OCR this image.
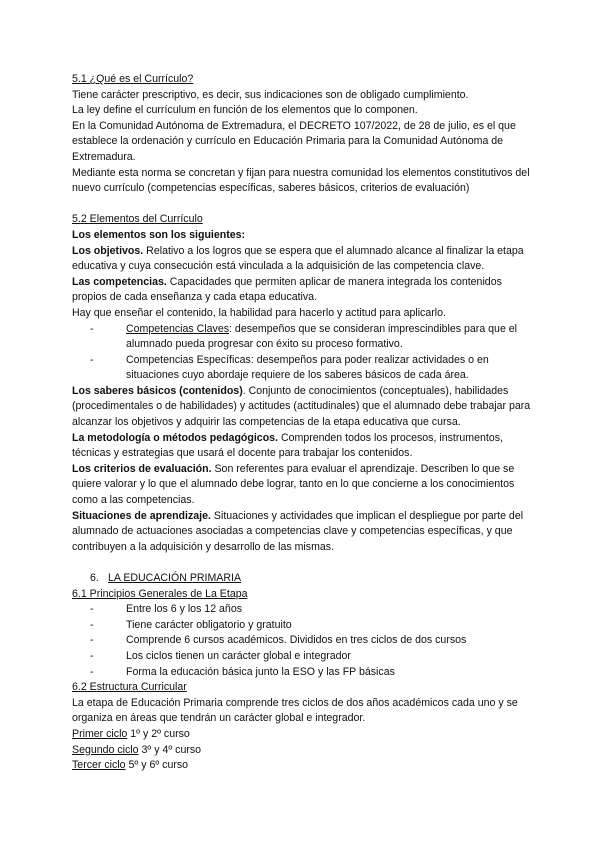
5.1 ¿Qué es el Currículo?

Tiene carácter prescriptivo, es decir, sus indicaciones son de obligado cumplimiento.

La ley define el currículum en función de los elementos que lo componen.

En la Comunidad Autónoma de Extremadura, el DECRETO 107/2022, de 28 de julio, es el que establece la ordenación y currículo en Educación Primaria para la Comunidad Autónoma de Extremadura.

Mediante esta norma se concretan y fijan para nuestra comunidad los elementos constitutivos del nuevo currículo (competencias específicas, saberes básicos, criterios de evaluación)

5.2 Elementos del Currículo

Los elementos son los siguientes:

Los objetivos. Relativo a los logros que se espera que el alumnado alcance al finalizar la etapa educativa y cuya consecución está vinculada a la adquisición de las competencia clave.

Las competencias. Capacidades que permiten aplicar de manera integrada los contenidos propios de cada enseñanza y cada etapa educativa.

Hay que enseñar el contenido, la habilidad para hacerlo y actitud para aplicarlo.

- Competencias Claves: desempeños que se consideran imprescindibles para que el alumnado pueda progresar con éxito su proceso formativo.
- Competencias Específicas: desempeños para poder realizar actividades o en situaciones cuyo abordaje requiere de los saberes básicos de cada área.

Los saberes básicos (contenidos). Conjunto de conocimientos (conceptuales), habilidades (procedimentales o de habilidades) y actitudes (actitudinales) que el alumnado debe trabajar para alcanzar los objetivos y adquirir las competencias de la etapa educativa que cursa.

La metodología o métodos pedagógicos. Comprenden todos los procesos, instrumentos, técnicas y estrategias que usará el docente para trabajar los contenidos.

Los criterios de evaluación. Son referentes para evaluar el aprendizaje. Describen lo que se quiere valorar y lo que el alumnado debe lograr, tanto en lo que concierne a los conocimientos como a las competencias.

Situaciones de aprendizaje. Situaciones y actividades que implican el despliegue por parte del alumnado de actuaciones asociadas a competencias clave y competencias específicas, y que contribuyen a la adquisición y desarrollo de las mismas.

6. LA EDUCACIÓN PRIMARIA

6.1 Principios Generales de La Etapa

- Entre los 6 y los 12 años
- Tiene carácter obligatorio y gratuito
- Comprende 6 cursos académicos. Divididos en tres ciclos de dos cursos
- Los ciclos tienen un carácter global e integrador
- Forma la educación básica junto la ESO y las FP básicas

6.2 Estructura Curricular

La etapa de Educación Primaria comprende tres ciclos de dos años académicos cada uno y se organiza en áreas que tendrán un carácter global e integrador.

Primer ciclo 1º y 2º curso

Segundo ciclo 3º y 4º curso

Tercer ciclo 5º y 6º curso
